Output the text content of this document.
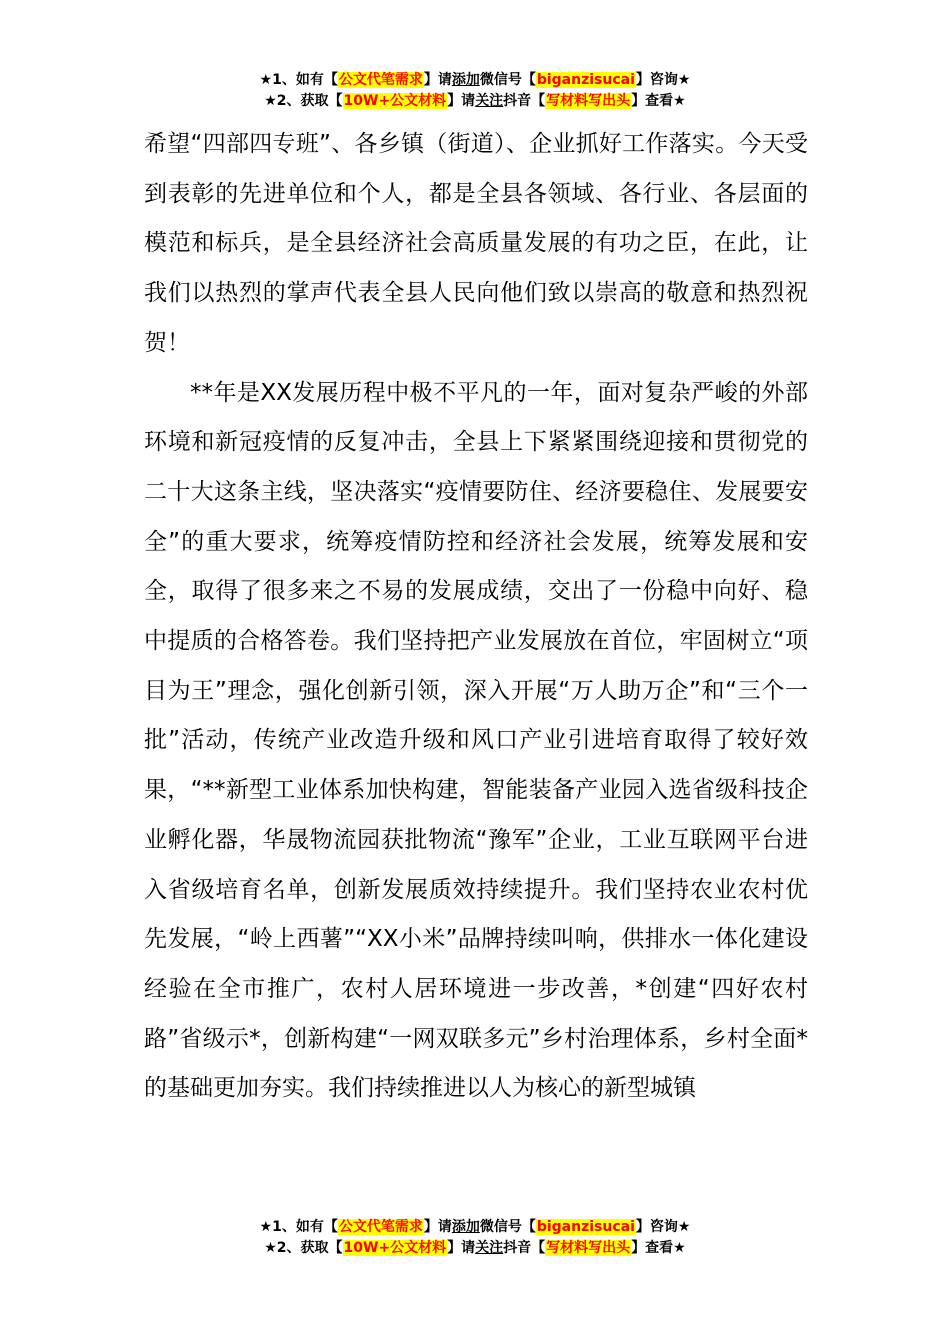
★1、如有【公文代笔需求】请添加微信号【biganzisucai】咨询★
★2、获取【10W+公文材料】请关注抖音【写材料写出头】查看★

希望“四部四专班”、各乡镇（街道）、企业抓好工作落实。今天受到表彰的先进单位和个人，都是全县各领域、各行业、各层面的模范和标兵，是全县经济社会高质量发展的有功之臣，在此，让我们以热烈的掌声代表全县人民向他们致以崇高的敬意和热烈祝贺！

**年是XX发展历程中极不平凡的一年，面对复杂严峻的外部环境和新冠疫情的反复冲击，全县上下紧紧围绕迎接和贯彻党的二十大这条主线，坚决落实“疫情要防住、经济要稳住、发展要安全”的重大要求，统筹疫情防控和经济社会发展，统筹发展和安全，取得了很多来之不易的发展成绩，交出了一份稳中向好、稳中提质的合格答卷。我们坚持把产业发展放在首位，牢固树立“项目为王”理念，强化创新引领，深入开展“万人助万企”和“三个一批”活动，传统产业改造升级和风口产业引进培育取得了较好效果，“**新型工业体系加快构建，智能装备产业园入选省级科技企业孵化器，华晟物流园获批物流“豫军”企业，工业互联网平台进入省级培育名单，创新发展质效持续提升。我们坚持农业农村优先发展，“岭上西薯”“XX小米”品牌持续叫响，供排水一体化建设经验在全市推广，农村人居环境进一步改善，*创建“四好农村路”省级示*，创新构建“一网双联多元”乡村治理体系，乡村全面*的基础更加夯实。我们持续推进以人为核心的新型城镇

★1、如有【公文代笔需求】请添加微信号【biganzisucai】咨询★
★2、获取【10W+公文材料】请关注抖音【写材料写出头】查看★
